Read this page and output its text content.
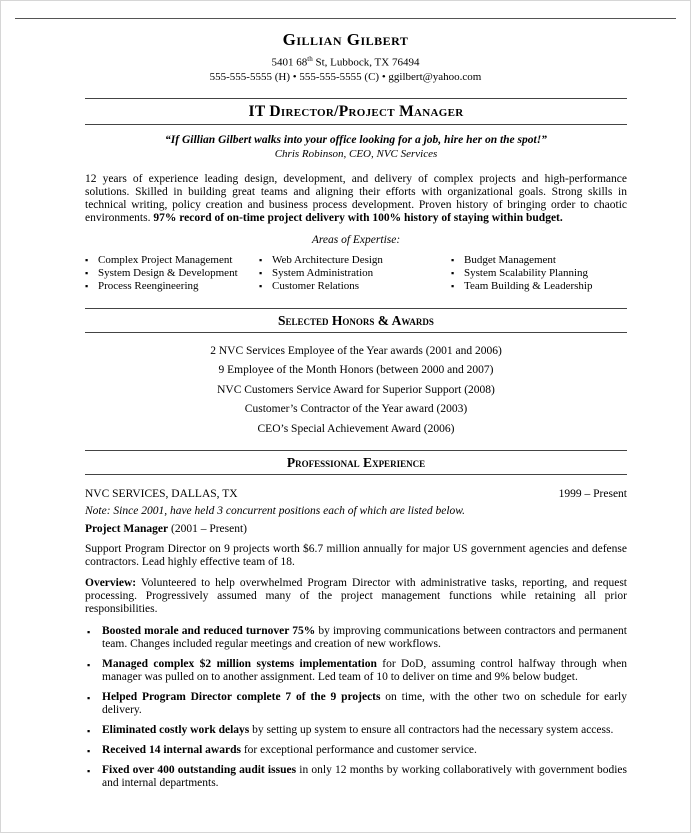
Gillian Gilbert
5401 68th St, Lubbock, TX 76494
555-555-5555 (H) • 555-555-5555 (C) • ggilbert@yahoo.com
IT Director/Project Manager
“If Gillian Gilbert walks into your office looking for a job, hire her on the spot!”
Chris Robinson, CEO, NVC Services

12 years of experience leading design, development, and delivery of complex projects and high-performance solutions. Skilled in building great teams and aligning their efforts with organizational goals. Strong skills in technical writing, policy creation and business process development. Proven history of bringing order to chaotic environments. 97% record of on-time project delivery with 100% history of staying within budget.

Areas of Expertise:
▪ Complex Project Management
▪ System Design & Development
▪ Process Reengineering
▪ Web Architecture Design
▪ System Administration
▪ Customer Relations
▪ Budget Management
▪ System Scalability Planning
▪ Team Building & Leadership
Selected Honors & Awards
2 NVC Services Employee of the Year awards (2001 and 2006)
9 Employee of the Month Honors (between 2000 and 2007)
NVC Customers Service Award for Superior Support (2008)
Customer’s Contractor of the Year award (2003)
CEO’s Special Achievement Award (2006)
Professional Experience
NVC SERVICES, DALLAS, TX	1999 – Present
Note: Since 2001, have held 3 concurrent positions each of which are listed below.
Project Manager (2001 – Present)

Support Program Director on 9 projects worth $6.7 million annually for major US government agencies and defense contractors. Lead highly effective team of 18.

Overview: Volunteered to help overwhelmed Program Director with administrative tasks, reporting, and request processing. Progressively assumed many of the project management functions while retaining all prior responsibilities.

▪ Boosted morale and reduced turnover 75% by improving communications between contractors and permanent team. Changes included regular meetings and creation of new workflows.
▪ Managed complex $2 million systems implementation for DoD, assuming control halfway through when manager was pulled on to another assignment. Led team of 10 to deliver on time and 9% below budget.
▪ Helped Program Director complete 7 of the 9 projects on time, with the other two on schedule for early delivery.
▪ Eliminated costly work delays by setting up system to ensure all contractors had the necessary system access.
▪ Received 14 internal awards for exceptional performance and customer service.
▪ Fixed over 400 outstanding audit issues in only 12 months by working collaboratively with government bodies and internal departments.
